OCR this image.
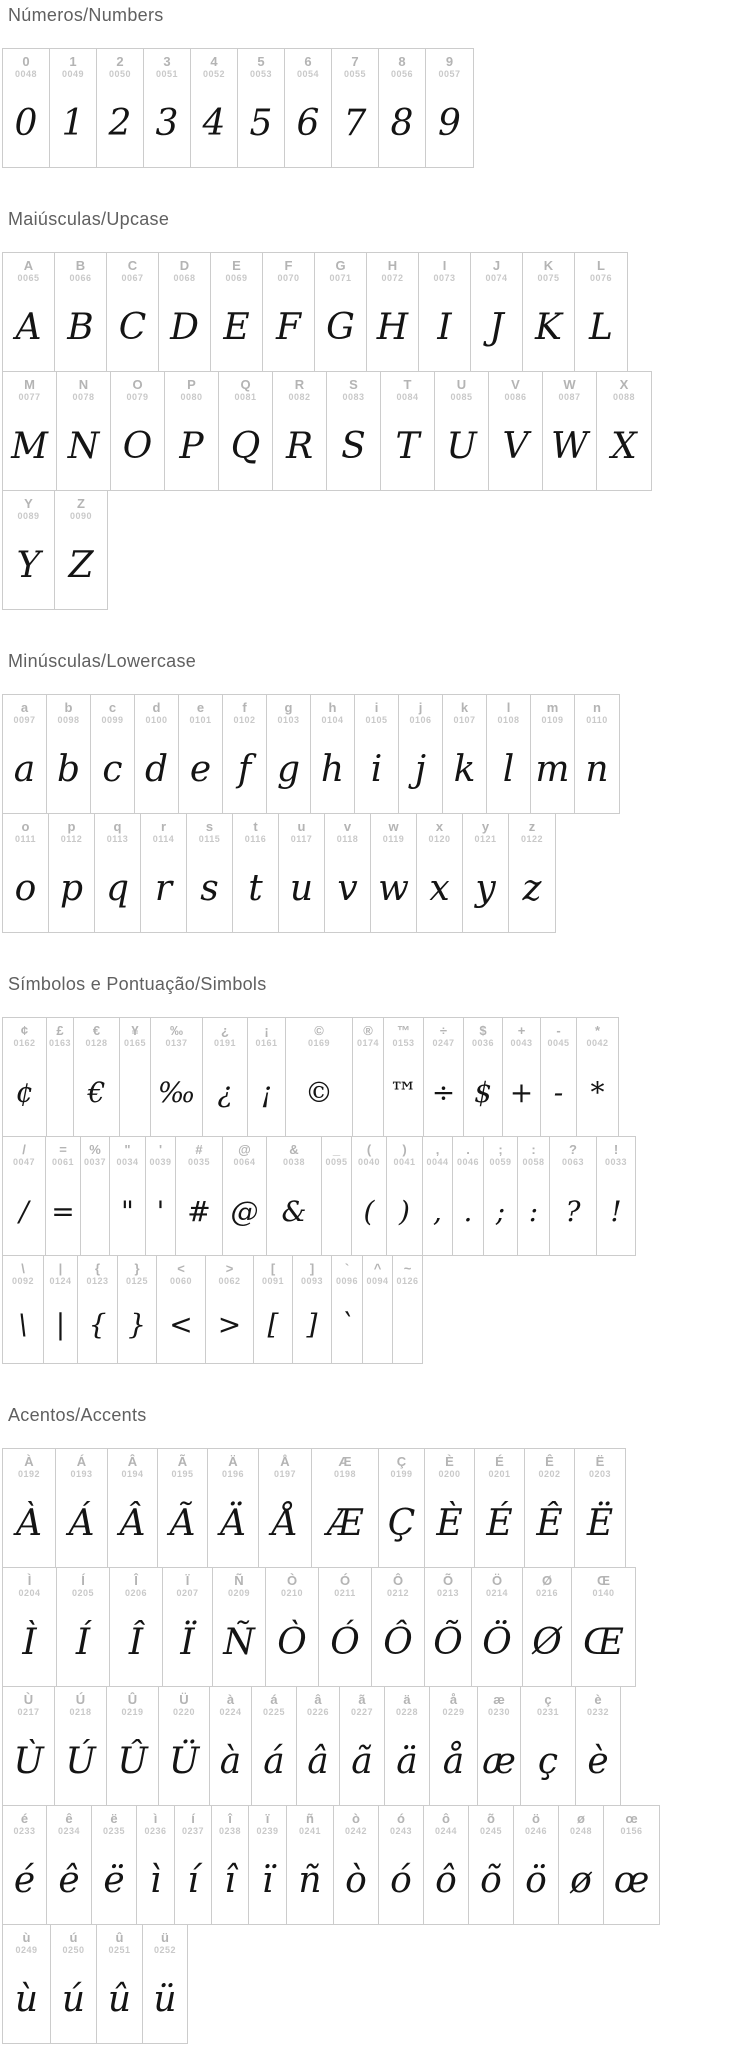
Números/Numbers
0
0048
0
1
0049
1
2
0050
2
3
0051
3
4
0052
4
5
0053
5
6
0054
6
7
0055
7
8
0056
8
9
0057
9
Maiúsculas/Upcase
A
0065
A
B
0066
B
C
0067
C
D
0068
D
E
0069
E
F
0070
F
G
0071
G
H
0072
H
I
0073
I
J
0074
J
K
0075
K
L
0076
L
M
0077
M
N
0078
N
O
0079
O
P
0080
P
Q
0081
Q
R
0082
R
S
0083
S
T
0084
T
U
0085
U
V
0086
V
W
0087
W
X
0088
X
Y
0089
Y
Z
0090
Z
Minúsculas/Lowercase
a
0097
a
b
0098
b
c
0099
c
d
0100
d
e
0101
e
f
0102
f
g
0103
g
h
0104
h
i
0105
i
j
0106
j
k
0107
k
l
0108
l
m
0109
m
n
0110
n
o
0111
o
p
0112
p
q
0113
q
r
0114
r
s
0115
s
t
0116
t
u
0117
u
v
0118
v
w
0119
w
x
0120
x
y
0121
y
z
0122
z
Símbolos e Pontuação/Simbols
¢
0162
¢
£
0163
€
0128
€
¥
0165
‰
0137
‰
¿
0191
¿
¡
0161
¡
©
0169
©
®
0174
™
0153
™
÷
0247
÷
$
0036
$
+
0043
+
-
0045
-
*
0042
*
/
0047
/
=
0061
=
%
0037
"
0034
"
'
0039
'
#
0035
#
@
0064
@
&
0038
&
_
0095
(
0040
(
)
0041
)
,
0044
,
.
0046
.
;
0059
;
:
0058
:
?
0063
?
!
0033
!
\
0092
\
|
0124
|
{
0123
{
}
0125
}
<
0060
<
>
0062
>
[
0091
[
]
0093
]
`
0096
`
^
0094
~
0126
Acentos/Accents
À
0192
À
Á
0193
Á
Â
0194
Â
Ã
0195
Ã
Ä
0196
Ä
Å
0197
Å
Æ
0198
Æ
Ç
0199
Ç
È
0200
È
É
0201
É
Ê
0202
Ê
Ë
0203
Ë
Ì
0204
Ì
Í
0205
Í
Î
0206
Î
Ï
0207
Ï
Ñ
0209
Ñ
Ò
0210
Ò
Ó
0211
Ó
Ô
0212
Ô
Õ
0213
Õ
Ö
0214
Ö
Ø
0216
Ø
Œ
0140
Œ
Ù
0217
Ù
Ú
0218
Ú
Û
0219
Û
Ü
0220
Ü
à
0224
à
á
0225
á
â
0226
â
ã
0227
ã
ä
0228
ä
å
0229
å
æ
0230
æ
ç
0231
ç
è
0232
è
é
0233
é
ê
0234
ê
ë
0235
ë
ì
0236
ì
í
0237
í
î
0238
î
ï
0239
ï
ñ
0241
ñ
ò
0242
ò
ó
0243
ó
ô
0244
ô
õ
0245
õ
ö
0246
ö
ø
0248
ø
œ
0156
œ
ù
0249
ù
ú
0250
ú
û
0251
û
ü
0252
ü
